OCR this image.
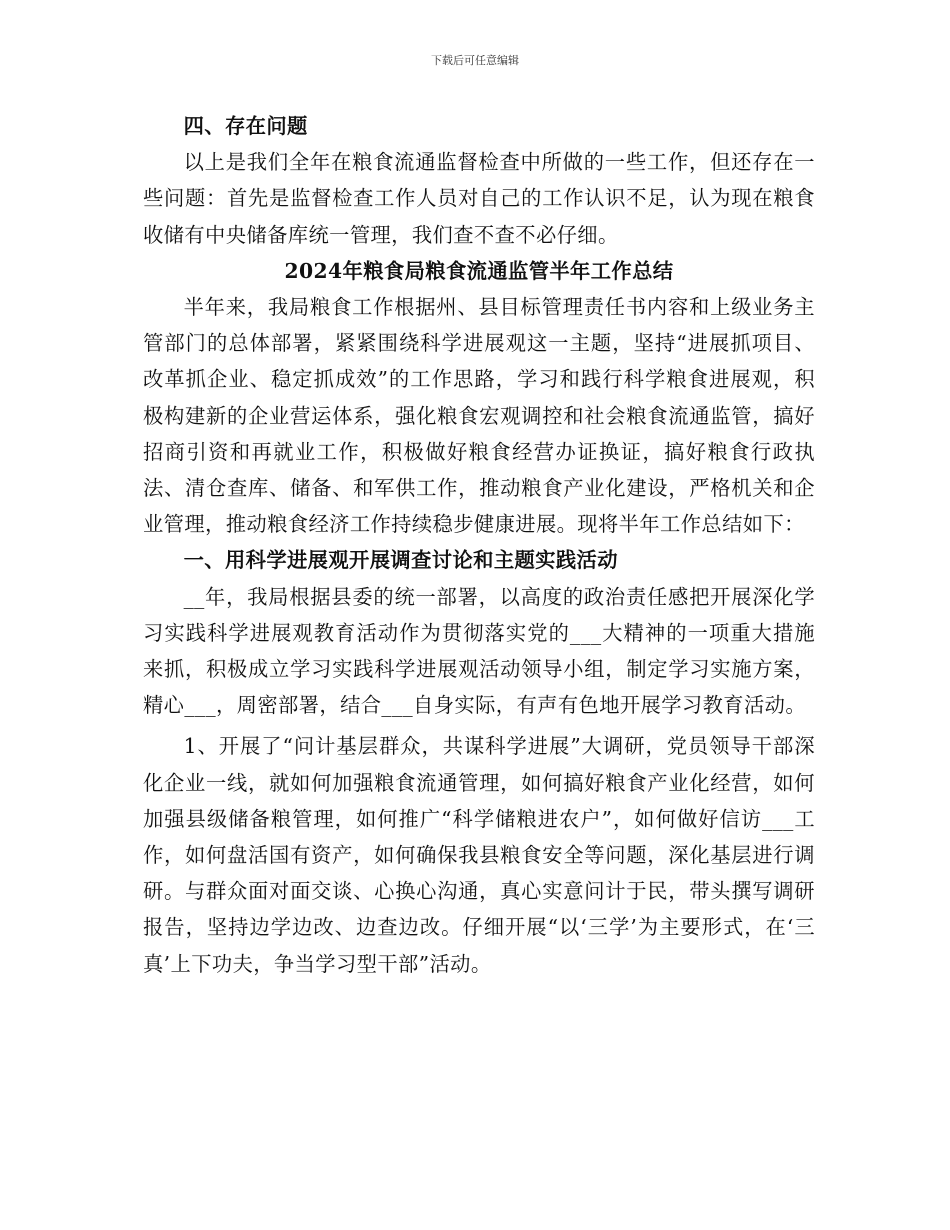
下载后可任意编辑

四、存在问题

以上是我们全年在粮食流通监督检查中所做的一些工作，但还存在一些问题：首先是监督检查工作人员对自己的工作认识不足，认为现在粮食收储有中央储备库统一管理，我们查不查不必仔细。

2024年粮食局粮食流通监管半年工作总结

半年来，我局粮食工作根据州、县目标管理责任书内容和上级业务主管部门的总体部署，紧紧围绕科学进展观这一主题，坚持“进展抓项目、改革抓企业、稳定抓成效”的工作思路，学习和践行科学粮食进展观，积极构建新的企业营运体系，强化粮食宏观调控和社会粮食流通监管，搞好招商引资和再就业工作，积极做好粮食经营办证换证，搞好粮食行政执法、清仓查库、储备、和军供工作，推动粮食产业化建设，严格机关和企业管理，推动粮食经济工作持续稳步健康进展。现将半年工作总结如下：

一、用科学进展观开展调查讨论和主题实践活动

__年，我局根据县委的统一部署，以高度的政治责任感把开展深化学习实践科学进展观教育活动作为贯彻落实党的___大精神的一项重大措施来抓，积极成立学习实践科学进展观活动领导小组，制定学习实施方案，精心___，周密部署，结合___自身实际，有声有色地开展学习教育活动。

1、开展了“问计基层群众，共谋科学进展”大调研，党员领导干部深化企业一线，就如何加强粮食流通管理，如何搞好粮食产业化经营，如何加强县级储备粮管理，如何推广“科学储粮进农户”，如何做好信访___工作，如何盘活国有资产，如何确保我县粮食安全等问题，深化基层进行调研。与群众面对面交谈、心换心沟通，真心实意问计于民，带头撰写调研报告，坚持边学边改、边查边改。仔细开展“以‘三学’为主要形式，在‘三真’上下功夫，争当学习型干部”活动。
